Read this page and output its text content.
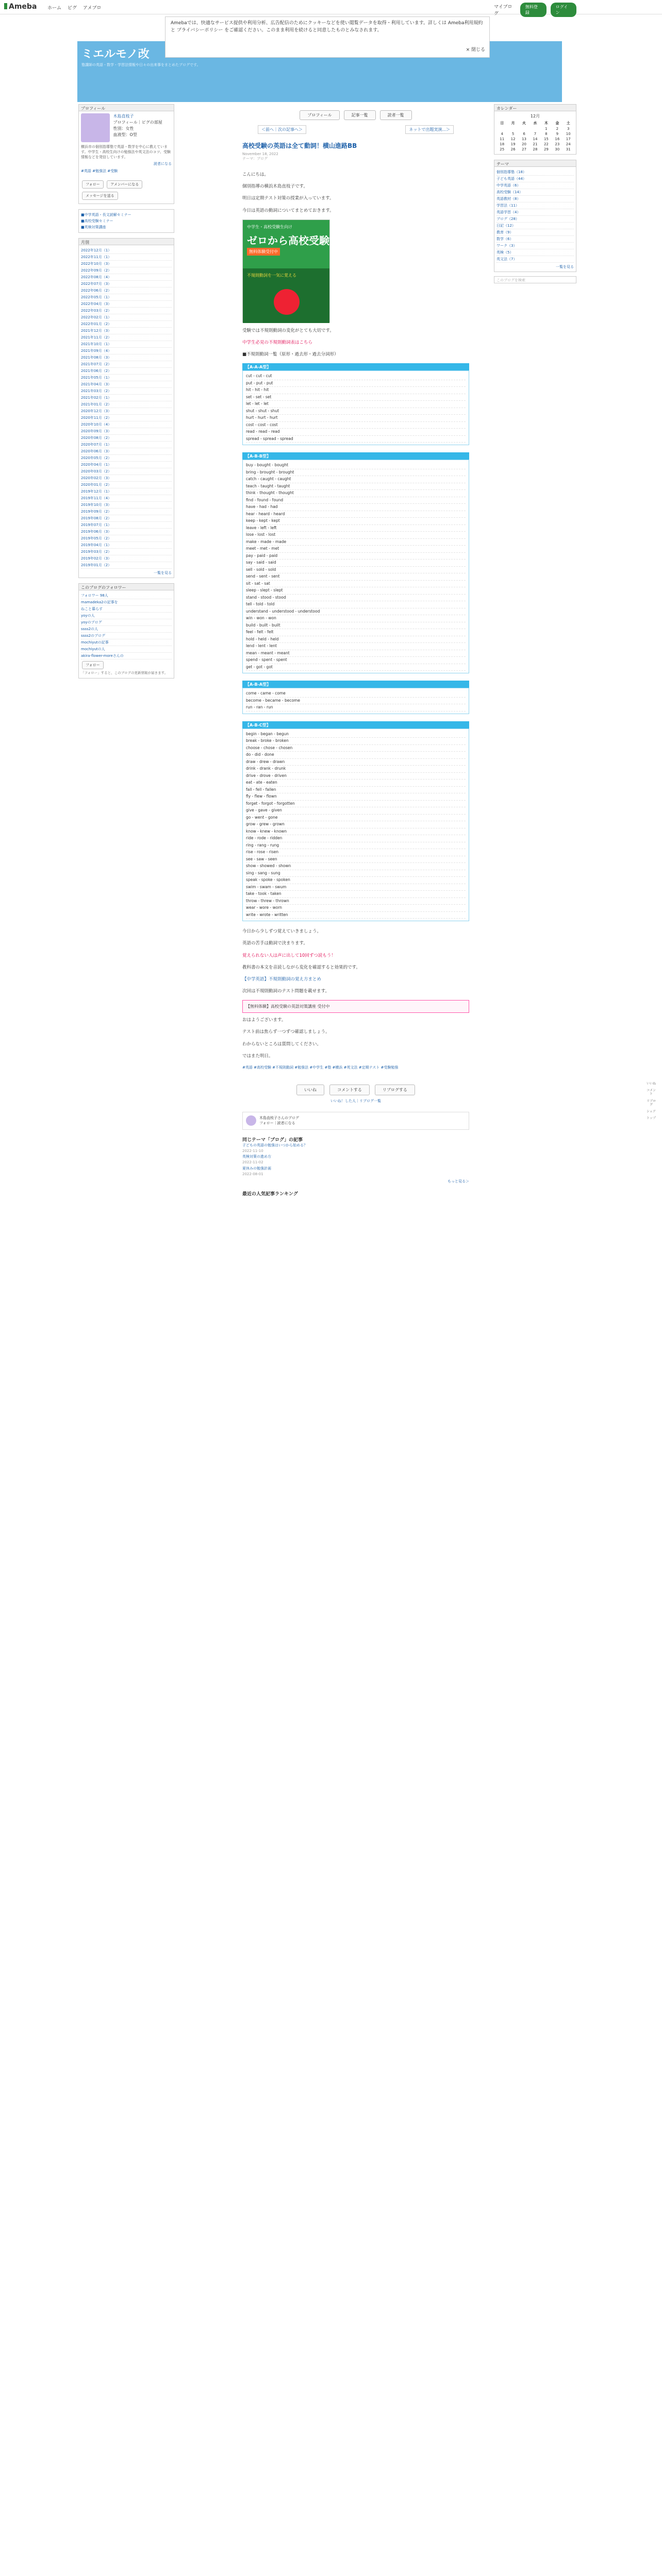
Ameba ホーム ピグ アメブロ	マイブログ
無料登録
ログイン
ミエルモノ改
塾講師の英語・数学・学習法情報や日々の出来事をまとめたブログです。
Amebaでは、快適なサービス提供や利用分析、広告配信のためにクッキーなどを使い閲覧データを取得・利用しています。詳しくは Ameba利用規約 と プライバシーポリシー をご確認ください。このまま利用を続けると同意したものとみなされます。
× 閉じる
プロフィール
木島直枝子
プロフィール｜ピグの部屋
性別：女性
血液型：O型
横浜市の個別指導塾で英語・数学を中心に教えています。中学生・高校生向けの勉強法や英文法のコツ、受験情報などを発信しています。
読者になる
#英語 #勉強法 #受験
フォロー	アメンバーになる メッセージを送る
■中学英語・長文読解セミナー
■高校受験セミナー
■英検対策講座
月別
2022年12月（1）
2022年11月（1）
2022年10月（3）
2022年09月（2）
2022年08月（4）
2022年07月（3）
2022年06月（2）
2022年05月（1）
2022年04月（3）
2022年03月（2）
2022年02月（1）
2022年01月（2）
2021年12月（3）
2021年11月（2）
2021年10月（1）
2021年09月（4）
2021年08月（3）
2021年07月（2）
2021年06月（2）
2021年05月（1）
2021年04月（3）
2021年03月（2）
2021年02月（1）
2021年01月（2）
2020年12月（3）
2020年11月（2）
2020年10月（4）
2020年09月（3）
2020年08月（2）
2020年07月（1）
2020年06月（3）
2020年05月（2）
2020年04月（1）
2020年03月（2）
2020年02月（3）
2020年01月（2）
2019年12月（1）
2019年11月（4）
2019年10月（3）
2019年09月（2）
2019年08月（2）
2019年07月（1）
2019年06月（3）
2019年05月（2）
2019年04月（1）
2019年03月（2）
2019年02月（3）
2019年01月（2）
一覧を見る
このブログのフォロワー
フォロワー 98人
mamadeka2の記事を
ねこと暮らす
yoyの人
yoyのブログ
ssss2の人
ssss2のブログ
mochiyutの記事
mochiyutの人
akira-flower-moreさんの
フォロー
「フォロー」すると、このブログの更新情報が届きます。
プロフィール	記事一覧	読者一覧
＜前へ｜次の記事へ＞	ネットで出題実演...＞
高校受験の英語は全て動詞！横山進路BB
November 18, 2022
テーマ：ブログ

こんにちは。

個別指導の横浜木島直枝子です。

明日は定期テスト対策の授業が入っています。

今日は英語の動詞についてまとめておきます。

中学生・高校受験生向け
ゼロから高校受験
無料体験受付中
不規則動詞を一気に覚える

受験では不規則動詞の変化がとても大切です。

中学生必見の不規則動詞表はこちら

■不規則動詞一覧（原形・過去形・過去分詞形）

【A-A-A型】
cut - cut - cut
put - put - put
hit - hit - hit
set - set - set
let - let - let
shut - shut - shut
hurt - hurt - hurt
cost - cost - cost
read - read - read
spread - spread - spread
【A-B-B型】
buy - bought - bought
bring - brought - brought
catch - caught - caught
teach - taught - taught
think - thought - thought
find - found - found
have - had - had
hear - heard - heard
keep - kept - kept
leave - left - left
lose - lost - lost
make - made - made
meet - met - met
pay - paid - paid
say - said - said
sell - sold - sold
send - sent - sent
sit - sat - sat
sleep - slept - slept
stand - stood - stood
tell - told - told
understand - understood - understood
win - won - won
build - built - built
feel - felt - felt
hold - held - held
lend - lent - lent
mean - meant - meant
spend - spent - spent
get - got - got
【A-B-A型】
come - came - come
become - became - become
run - ran - run
【A-B-C型】
begin - began - begun
break - broke - broken
choose - chose - chosen
do - did - done
draw - drew - drawn
drink - drank - drunk
drive - drove - driven
eat - ate - eaten
fall - fell - fallen
fly - flew - flown
forget - forgot - forgotten
give - gave - given
go - went - gone
grow - grew - grown
know - knew - known
ride - rode - ridden
ring - rang - rung
rise - rose - risen
see - saw - seen
show - showed - shown
sing - sang - sung
speak - spoke - spoken
swim - swam - swum
take - took - taken
throw - threw - thrown
wear - wore - worn
write - wrote - written

今日から少しずつ覚えていきましょう。

英語の苦手は動詞で決まります。

覚えられない人は声に出して10回ずつ読もう！

教科書の本文を音読しながら変化を確認すると効果的です。

【中学英語】不規則動詞の覚え方まとめ

次回は不規則動詞のテスト問題を載せます。

【無料体験】高校受験の英語対策講座 受付中

おはようございます。

テスト前は焦らず一つずつ確認しましょう。

わからないところは質問してください。

ではまた明日。

#英語 #高校受験 #不規則動詞 #勉強法 #中学生 #塾 #横浜 #英文法 #定期テスト #受験勉強
いいね	コメントする	リブログする
いいね！した人｜リブログ一覧
木島直枝子さんのブログ
フォロー｜読者になる
同じテーマ「ブログ」の記事
子どもの英語の勉強はいつから始める？
2022-11-10
英検対策の進め方
2022-11-02
夏休みの勉強計画
2022-08-01
もっと見る＞
最近の人気記事ランキング
カレンダー
12月
日	月	火	水	木	金	土
				1	2	3
4	5	6	7	8	9	10
11	12	13	14	15	16	17
18	19	20	21	22	23	24
25	26	27	28	29	30	31
テーマ
個別指導塾（18）
子ども英語（44）
中学英語（6）
高校受験（14）
英語教材（8）
学習法（11）
英語学習（4）
ブログ（28）
日記（12）
教育（9）
数学（6）
ワーク（3）
英検（5）
英文法（7）
一覧を見る
このブログを検索
いいね
コメント
リブログ
シェア
トップ
